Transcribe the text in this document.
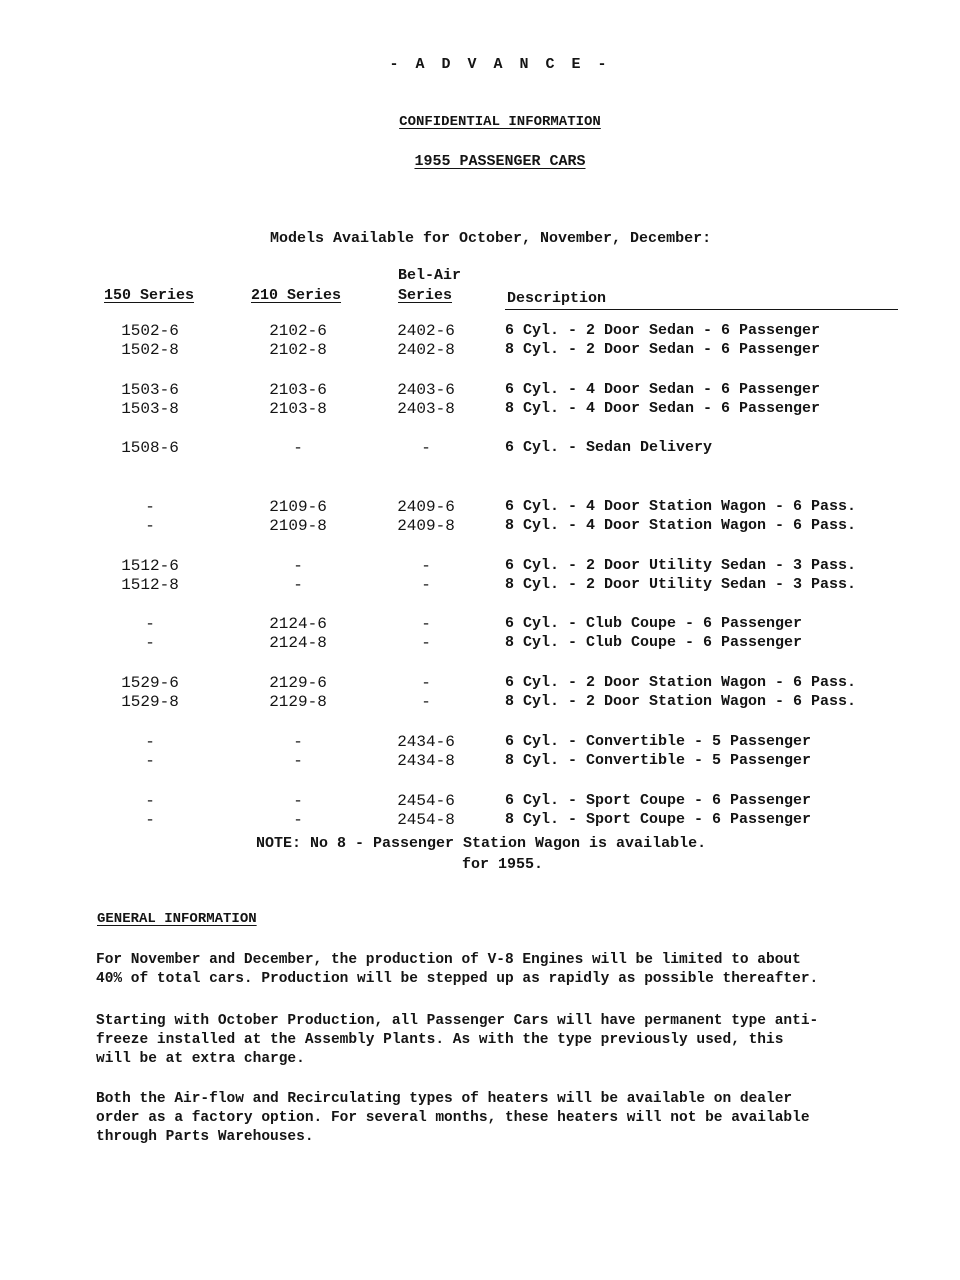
- A D V A N C E -
CONFIDENTIAL INFORMATION
1955 PASSENGER CARS
Models Available for October, November, December:
150 Series	210 Series
Bel-Air
Series	Description
1502-6	2102-6	2402-6	6 Cyl. - 2 Door Sedan - 6 Passenger
1502-8	2102-8	2402-8	8 Cyl. - 2 Door Sedan - 6 Passenger
1503-6	2103-6	2403-6	6 Cyl. - 4 Door Sedan - 6 Passenger
1503-8	2103-8	2403-8	8 Cyl. - 4 Door Sedan - 6 Passenger
1508-6	-	-	6 Cyl. - Sedan Delivery
-	2109-6	2409-6	6 Cyl. - 4 Door Station Wagon - 6 Pass.
-	2109-8	2409-8	8 Cyl. - 4 Door Station Wagon - 6 Pass.
1512-6	-	-	6 Cyl. - 2 Door Utility Sedan - 3 Pass.
1512-8	-	-	8 Cyl. - 2 Door Utility Sedan - 3 Pass.
-	2124-6	-	6 Cyl. - Club Coupe - 6 Passenger
-	2124-8	-	8 Cyl. - Club Coupe - 6 Passenger
1529-6	2129-6	-	6 Cyl. - 2 Door Station Wagon - 6 Pass.
1529-8	2129-8	-	8 Cyl. - 2 Door Station Wagon - 6 Pass.
-	-	2434-6	6 Cyl. - Convertible - 5 Passenger
-	-	2434-8	8 Cyl. - Convertible - 5 Passenger
-	-	2454-6	6 Cyl. - Sport Coupe - 6 Passenger
-	-	2454-8	8 Cyl. - Sport Coupe - 6 Passenger
NOTE: No 8 - Passenger Station Wagon is available.
for 1955.
GENERAL INFORMATION
For November and December, the production of V-8 Engines will be limited to about
40% of total cars. Production will be stepped up as rapidly as possible thereafter.
Starting with October Production, all Passenger Cars will have permanent type anti-
freeze installed at the Assembly Plants. As with the type previously used, this
will be at extra charge.
Both the Air-flow and Recirculating types of heaters will be available on dealer
order as a factory option. For several months, these heaters will not be available
through Parts Warehouses.
